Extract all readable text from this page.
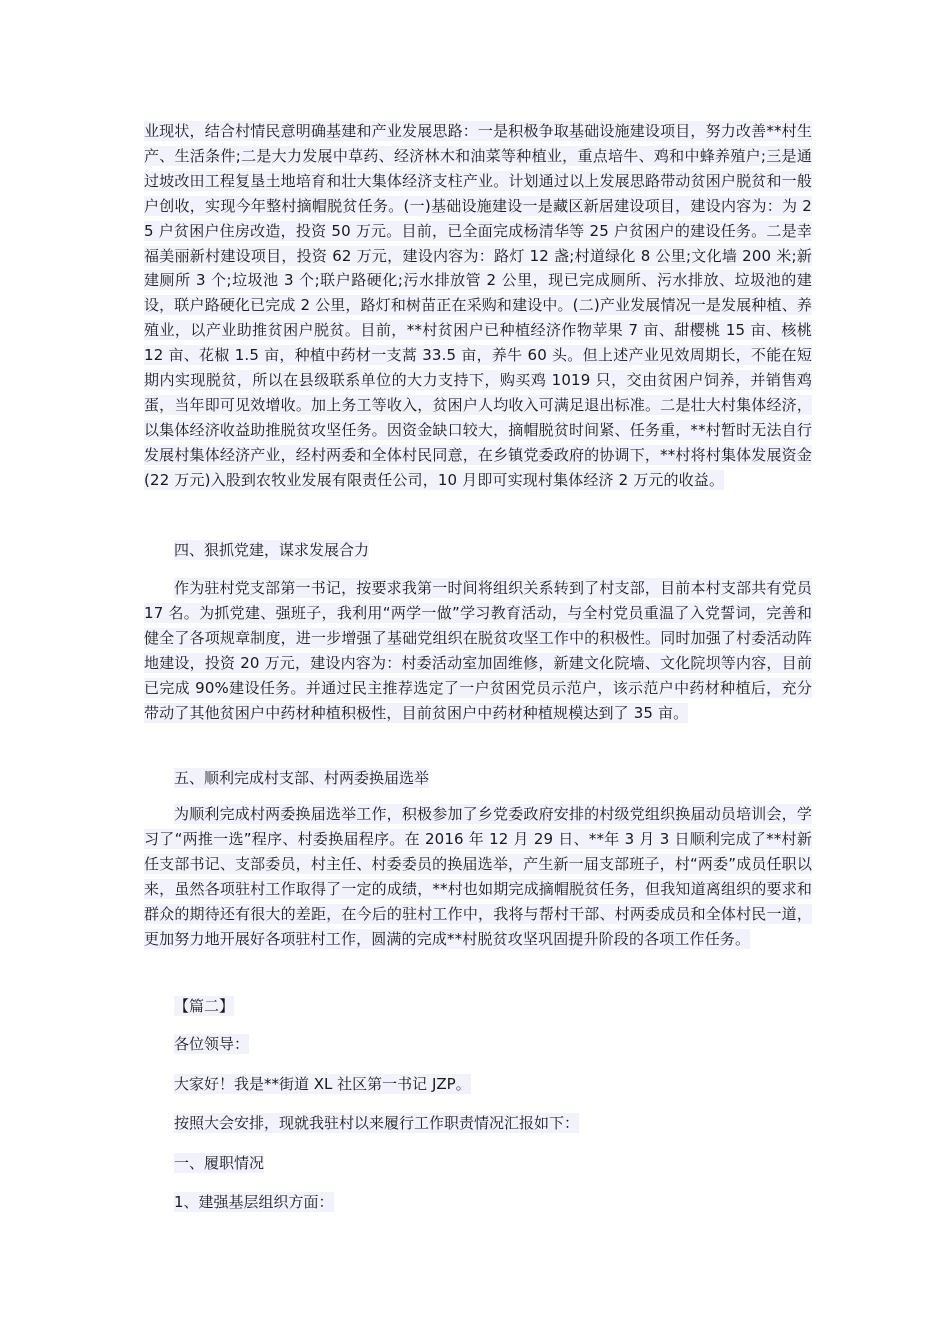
业现状，结合村情民意明确基建和产业发展思路：一是积极争取基础设施建设项目，努力改善**村生产、生活条件;二是大力发展中草药、经济林木和油菜等种植业，重点培牛、鸡和中蜂养殖户;三是通过坡改田工程复垦土地培育和壮大集体经济支柱产业。计划通过以上发展思路带动贫困户脱贫和一般户创收，实现今年整村摘帽脱贫任务。(一)基础设施建设一是藏区新居建设项目，建设内容为：为 25 户贫困户住房改造，投资 50 万元。目前，已全面完成杨清华等 25 户贫困户的建设任务。二是幸福美丽新村建设项目，投资 62 万元，建设内容为：路灯 12 盏;村道绿化 8 公里;文化墙 200 米;新建厕所 3 个;垃圾池 3 个;联户路硬化;污水排放管 2 公里，现已完成厕所、污水排放、垃圾池的建设，联户路硬化已完成 2 公里，路灯和树苗正在采购和建设中。(二)产业发展情况一是发展种植、养殖业，以产业助推贫困户脱贫。目前，**村贫困户已种植经济作物苹果 7 亩、甜樱桃 15 亩、核桃 12 亩、花椒 1.5 亩，种植中药材一支蒿 33.5 亩，养牛 60 头。但上述产业见效周期长，不能在短期内实现脱贫，所以在县级联系单位的大力支持下，购买鸡 1019 只，交由贫困户饲养，并销售鸡蛋，当年即可见效增收。加上务工等收入，贫困户人均收入可满足退出标准。二是壮大村集体经济，以集体经济收益助推脱贫攻坚任务。因资金缺口较大，摘帽脱贫时间紧、任务重，**村暂时无法自行发展村集体经济产业，经村两委和全体村民同意，在乡镇党委政府的协调下，**村将村集体发展资金(22 万元)入股到农牧业发展有限责任公司，10 月即可实现村集体经济 2 万元的收益。

四、狠抓党建，谋求发展合力

作为驻村党支部第一书记，按要求我第一时间将组织关系转到了村支部，目前本村支部共有党员 17 名。为抓党建、强班子，我利用“两学一做”学习教育活动，与全村党员重温了入党誓词，完善和健全了各项规章制度，进一步增强了基础党组织在脱贫攻坚工作中的积极性。同时加强了村委活动阵地建设，投资 20 万元，建设内容为：村委活动室加固维修，新建文化院墙、文化院坝等内容，目前已完成 90%建设任务。并通过民主推荐选定了一户贫困党员示范户，该示范户中药材种植后，充分带动了其他贫困户中药材种植积极性，目前贫困户中药材种植规模达到了 35 亩。

五、顺利完成村支部、村两委换届选举

为顺利完成村两委换届选举工作，积极参加了乡党委政府安排的村级党组织换届动员培训会，学习了“两推一选”程序、村委换届程序。在 2016 年 12 月 29 日、**年 3 月 3 日顺利完成了**村新任支部书记、支部委员，村主任、村委委员的换届选举，产生新一届支部班子，村“两委”成员任职以来，虽然各项驻村工作取得了一定的成绩，**村也如期完成摘帽脱贫任务，但我知道离组织的要求和群众的期待还有很大的差距，在今后的驻村工作中，我将与帮村干部、村两委成员和全体村民一道，更加努力地开展好各项驻村工作，圆满的完成**村脱贫攻坚巩固提升阶段的各项工作任务。

【篇二】

各位领导：

大家好！我是**街道 XL 社区第一书记 JZP。

按照大会安排，现就我驻村以来履行工作职责情况汇报如下：

一、履职情况

1、建强基层组织方面：
